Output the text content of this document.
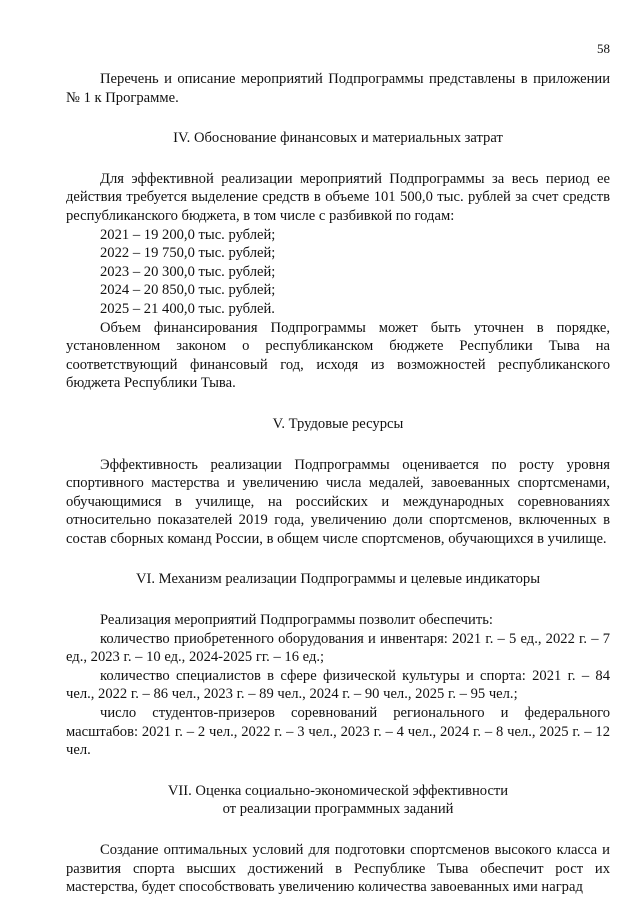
58

Перечень и описание мероприятий Подпрограммы представлены в приложении № 1 к Программе.

IV. Обоснование финансовых и материальных затрат

Для эффективной реализации мероприятий Подпрограммы за весь период ее действия требуется выделение средств в объеме 101 500,0 тыс. рублей за счет средств республиканского бюджета, в том числе с разбивкой по годам:

2021 – 19 200,0 тыс. рублей;

2022 – 19 750,0 тыс. рублей;

2023 – 20 300,0 тыс. рублей;

2024 – 20 850,0 тыс. рублей;

2025 – 21 400,0 тыс. рублей.

Объем финансирования Подпрограммы может быть уточнен в порядке, установленном законом о республиканском бюджете Республики Тыва на соответствующий финансовый год, исходя из возможностей республиканского бюджета Республики Тыва.

V. Трудовые ресурсы

Эффективность реализации Подпрограммы оценивается по росту уровня спортивного мастерства и увеличению числа медалей, завоеванных спортсменами, обучающимися в училище, на российских и международных соревнованиях относительно показателей 2019 года, увеличению доли спортсменов, включенных в состав сборных команд России, в общем числе спортсменов, обучающихся в училище.

VI. Механизм реализации Подпрограммы и целевые индикаторы

Реализация мероприятий Подпрограммы позволит обеспечить:

количество приобретенного оборудования и инвентаря: 2021 г. – 5 ед., 2022 г. – 7 ед., 2023 г. – 10 ед., 2024-2025 гг. – 16 ед.;

количество специалистов в сфере физической культуры и спорта: 2021 г. – 84 чел., 2022 г. – 86 чел., 2023 г. – 89 чел., 2024 г. – 90 чел., 2025 г. – 95 чел.;

число студентов-призеров соревнований регионального и федерального масштабов: 2021 г. – 2 чел., 2022 г. – 3 чел., 2023 г. – 4 чел., 2024 г. – 8 чел., 2025 г. – 12 чел.

VII. Оценка социально-экономической эффективности
от реализации программных заданий

Создание оптимальных условий для подготовки спортсменов высокого класса и развития спорта высших достижений в Республике Тыва обеспечит рост их мастерства, будет способствовать увеличению количества завоеванных ими наград
